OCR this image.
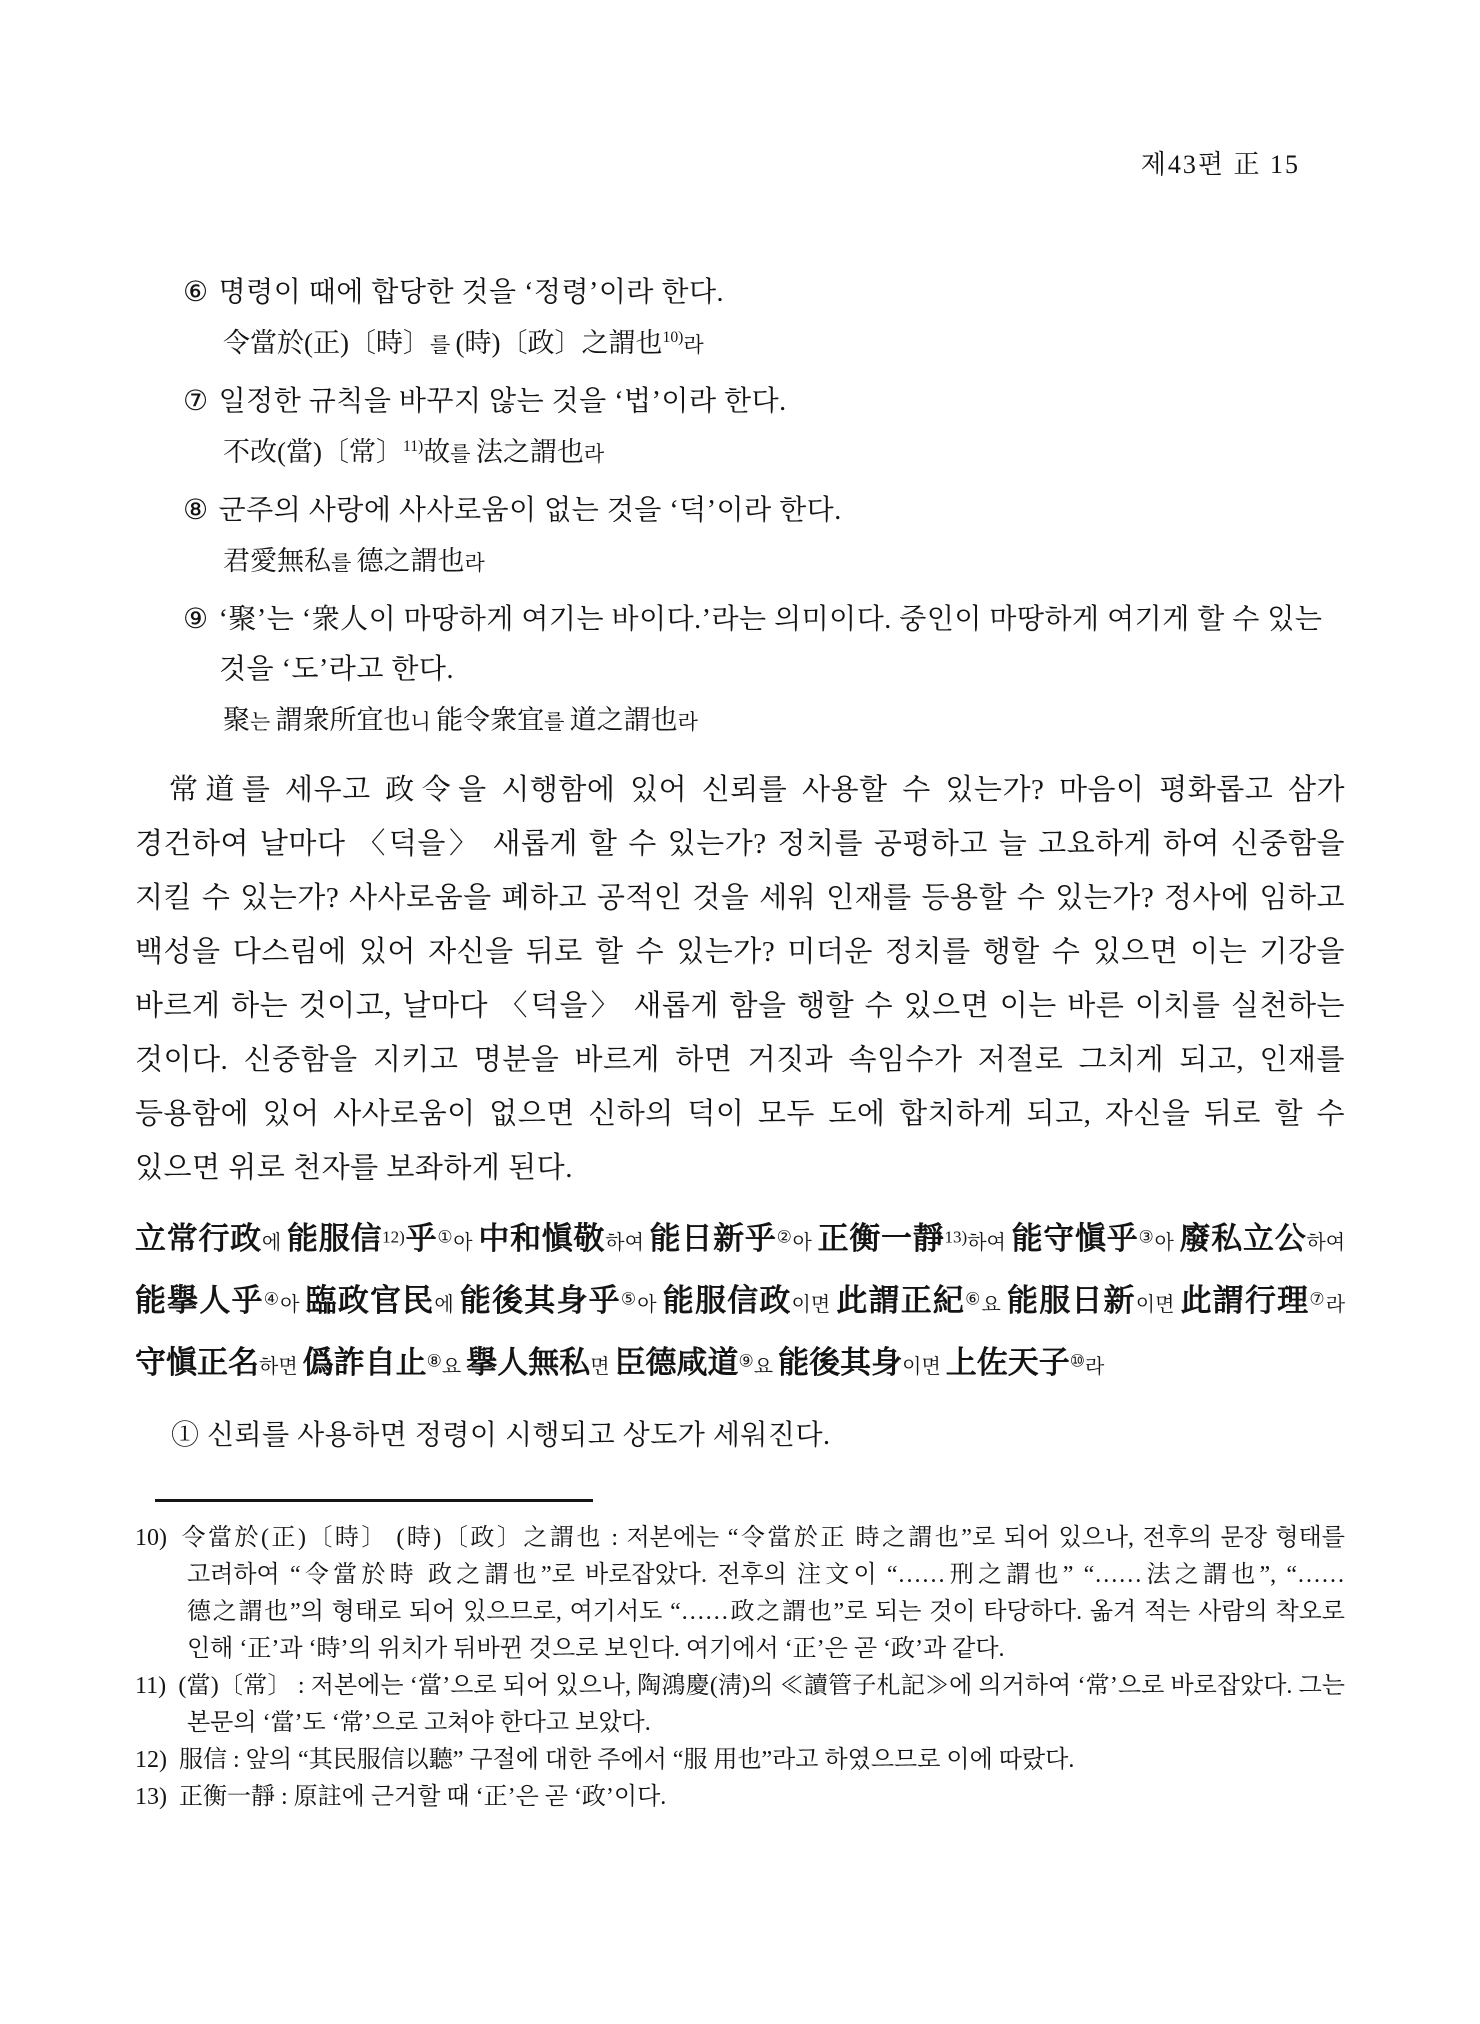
제43편 正 15
⑥ 명령이 때에 합당한 것을 ‘정령’이라 한다.
令當於(正)〔時〕를 (時)〔政〕之謂也$^{10)}$라
⑦ 일정한 규칙을 바꾸지 않는 것을 ‘법’이라 한다.
不改(當)〔常〕$^{11)}$故를 法之謂也라
⑧ 군주의 사랑에 사사로움이 없는 것을 ‘덕’이라 한다.
君愛無私를 德之謂也라
⑨ ‘聚’는 ‘衆人이 마땅하게 여기는 바이다.’라는 의미이다. 중인이 마땅하게 여기게 할 수 있는 것을 ‘도’라고 한다.
聚는 謂衆所宜也니 能令衆宜를 道之謂也라

常道를 세우고 政令을 시행함에 있어 신뢰를 사용할 수 있는가? 마음이 평화롭고 삼가 경건하여 날마다 〈덕을〉 새롭게 할 수 있는가? 정치를 공평하고 늘 고요하게 하여 신중함을 지킬 수 있는가? 사사로움을 폐하고 공적인 것을 세워 인재를 등용할 수 있는가? 정사에 임하고 백성을 다스림에 있어 자신을 뒤로 할 수 있는가? 미더운 정치를 행할 수 있으면 이는 기강을 바르게 하는 것이고, 날마다 〈덕을〉 새롭게 함을 행할 수 있으면 이는 바른 이치를 실천하는 것이다. 신중함을 지키고 명분을 바르게 하면 거짓과 속임수가 저절로 그치게 되고, 인재를 등용함에 있어 사사로움이 없으면 신하의 덕이 모두 도에 합치하게 되고, 자신을 뒤로 할 수 있으면 위로 천자를 보좌하게 된다.

立常行政에 能服信$^{12)}$乎①아 中和愼敬하여 能日新乎②아 正衡一靜$^{13)}$하여 能守愼乎③아 廢私立公하여 能擧人乎④아 臨政官民에 能後其身乎⑤아 能服信政이면 此謂正紀⑥요 能服日新이면 此謂行理⑦라 守愼正名하면 僞詐自止⑧요 擧人無私면 臣德咸道⑨요 能後其身이면 上佐天子⑩라

① 신뢰를 사용하면 정령이 시행되고 상도가 세워진다.

10) 令當於(正)〔時〕 (時)〔政〕之謂也 : 저본에는 “令當於正 時之謂也”로 되어 있으나, 전후의 문장 형태를 고려하여 “令當於時 政之謂也”로 바로잡았다. 전후의 注文이 “……刑之謂也” “……法之謂也”, “……德之謂也”의 형태로 되어 있으므로, 여기서도 “……政之謂也”로 되는 것이 타당하다. 옮겨 적는 사람의 착오로 인해 ‘正’과 ‘時’의 위치가 뒤바뀐 것으로 보인다. 여기에서 ‘正’은 곧 ‘政’과 같다.

11) (當)〔常〕 : 저본에는 ‘當’으로 되어 있으나, 陶鴻慶(淸)의 ≪讀管子札記≫에 의거하여 ‘常’으로 바로잡았다. 그는 본문의 ‘當’도 ‘常’으로 고쳐야 한다고 보았다.

12) 服信 : 앞의 “其民服信以聽” 구절에 대한 주에서 “服 用也”라고 하였으므로 이에 따랐다.

13) 正衡一靜 : 原註에 근거할 때 ‘正’은 곧 ‘政’이다.
